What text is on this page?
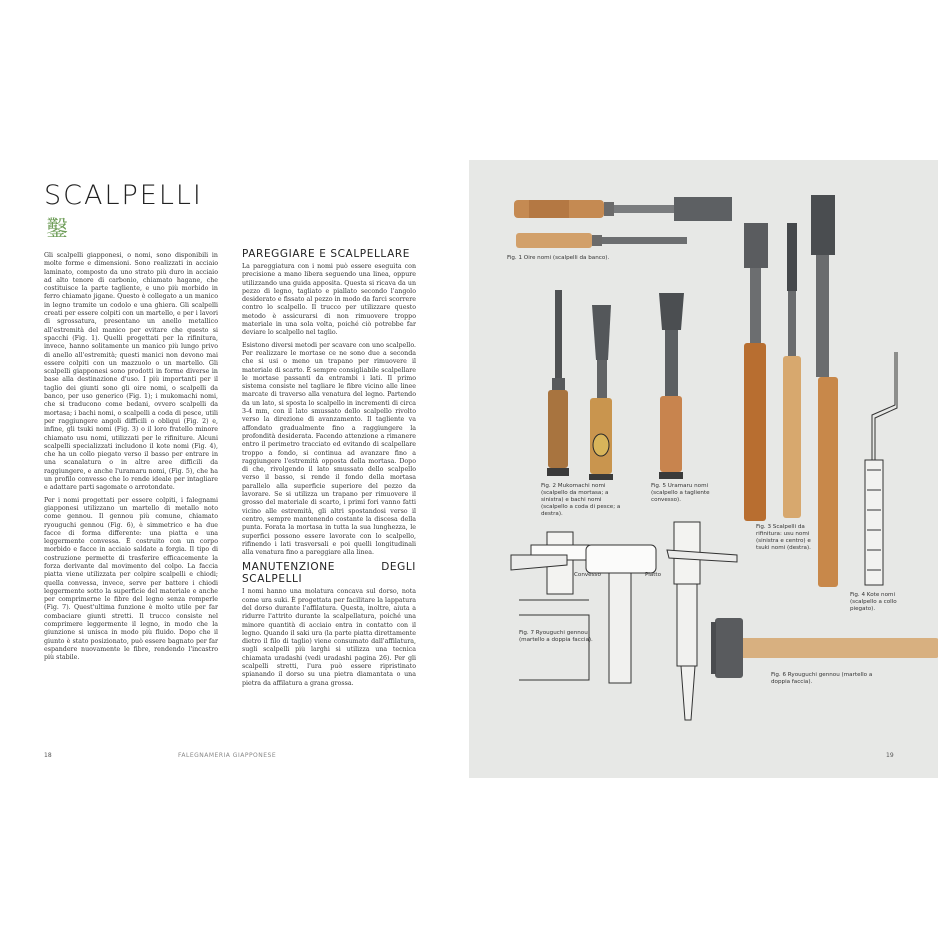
SCALPELLI
鑿

Gli scalpelli giapponesi, o nomi, sono disponibili in molte forme e dimensioni. Sono realizzati in acciaio laminato, composto da uno strato più duro in acciaio ad alto tenore di carbonio, chiamato hagane, che costituisce la parte tagliente, e uno più morbido in ferro chiamato jigane. Questo è collegato a un manico in legno tramite un codolo e una ghiera. Gli scalpelli creati per essere colpiti con un martello, e per i lavori di sgrossatura, presentano un anello metallico all'estremità del manico per evitare che questo si spacchi (Fig. 1). Quelli progettati per la rifinitura, invece, hanno solitamente un manico più lungo privo di anello all'estremità; questi manici non devono mai essere colpiti con un mazzuolo o un martello. Gli scalpelli giapponesi sono prodotti in forme diverse in base alla destinazione d'uso. I più importanti per il taglio dei giunti sono gli oire nomi, o scalpelli da banco, per uso generico (Fig. 1); i mukomachi nomi, che si traducono come bedani, ovvero scalpelli da mortasa; i bachi nomi, o scalpelli a coda di pesce, utili per raggiungere angoli difficili o obliqui (Fig. 2) e, infine, gli tsuki nomi (Fig. 3) o il loro fratello minore chiamato usu nomi, utilizzati per le rifiniture. Alcuni scalpelli specializzati includono il kote nomi (Fig. 4), che ha un collo piegato verso il basso per entrare in una scanalatura o in altre aree difficili da raggiungere, e anche l'uramaru nomi, (Fig. 5), che ha un profilo convesso che lo rende ideale per intagliare e adattare parti sagomate o arrotondate.

Per i nomi progettati per essere colpiti, i falegnami giapponesi utilizzano un martello di metallo noto come gennou. Il gennou più comune, chiamato ryouguchi gennou (Fig. 6), è simmetrico e ha due facce di forma differente: una piatta e una leggermente convessa. È costruito con un corpo morbido e facce in acciaio saldate a forgia. Il tipo di costruzione permette di trasferire efficacemente la forza derivante dal movimento del colpo. La faccia piatta viene utilizzata per colpire scalpelli e chiodi; quella convessa, invece, serve per battere i chiodi leggermente sotto la superficie del materiale e anche per comprimerne le fibre del legno senza romperle (Fig. 7). Quest'ultima funzione è molto utile per far combaciare giunti stretti. Il trucco consiste nel comprimere leggermente il legno, in modo che la giunzione si unisca in modo più fluido. Dopo che il giunto è stato posizionato, può essere bagnato per far espandere nuovamente le fibre, rendendo l'incastro più stabile.

PAREGGIARE E SCALPELLARE

La pareggiatura con i nomi può essere eseguita con precisione a mano libera seguendo una linea, oppure utilizzando una guida apposita. Questa si ricava da un pezzo di legno, tagliato e piallato secondo l'angolo desiderato e fissato al pezzo in modo da farci scorrere contro lo scalpello. Il trucco per utilizzare questo metodo è assicurarsi di non rimuovere troppo materiale in una sola volta, poiché ciò potrebbe far deviare lo scalpello nel taglio.

Esistono diversi metodi per scavare con uno scalpello. Per realizzare le mortase ce ne sono due a seconda che si usi o meno un trapano per rimuovere il materiale di scarto. È sempre consigliabile scalpellare le mortase passanti da entrambi i lati. Il primo sistema consiste nel tagliare le fibre vicino alle linee marcate di traverso alla venatura del legno. Partendo da un lato, si sposta lo scalpello in incrementi di circa 3-4 mm, con il lato smussato dello scalpello rivolto verso la direzione di avanzamento. Il tagliente va affondato gradualmente fino a raggiungere la profondità desiderata. Facendo attenzione a rimanere entro il perimetro tracciato ed evitando di scalpellare troppo a fondo, si continua ad avanzare fino a raggiungere l'estremità opposta della mortasa. Dopo di che, rivolgendo il lato smussato dello scalpello verso il basso, si rende il fondo della mortasa parallelo alla superficie superiore del pezzo da lavorare. Se si utilizza un trapano per rimuovere il grosso del materiale di scarto, i primi fori vanno fatti vicino alle estremità, gli altri spostandosi verso il centro, sempre mantenendo costante la discesa della punta. Forata la mortasa in tutta la sua lunghezza, le superfici possono essere lavorate con lo scalpello, rifinendo i lati trasversali e poi quelli longitudinali alla venatura fino a pareggiare alla linea.

MANUTENZIONE DEGLI SCALPELLI

I nomi hanno una molatura concava sul dorso, nota come ura suki. È progettata per facilitare la lappatura del dorso durante l'affilatura. Questa, inoltre, aiuta a ridurre l'attrito durante la scalpellatura, poiché una minore quantità di acciaio entra in contatto con il legno. Quando il saki ura (la parte piatta direttamente dietro il filo di taglio) viene consumato dall'affilatura, sugli scalpelli più larghi si utilizza una tecnica chiamata uradashi (vedi uradashi pagina 26). Per gli scalpelli stretti, l'ura può essere ripristinato spianando il dorso su una pietra diamantata o una pietra da affilatura a grana grossa.

18	FALEGNAMERIA GIAPPONESE
Fig. 1 Oire nomi (scalpelli da banco).
Fig. 2 Mukomachi nomi (scalpello da mortasa; a sinistra) e bachi nomi (scalpello a coda di pesce; a destra).
Fig. 5 Uramaru nomi (scalpello a tagliente convesso).
Fig. 3 Scalpelli da rifinitura: usu nomi (sinistra e centro) e tsuki nomi (destra).
Fig. 4 Kote nomi (scalpello a collo piegato).
Fig. 7 Ryouguchi gennou (martello a doppia faccia).
Fig. 6 Ryouguchi gennou (martello a doppia faccia).
Convesso	Piatto
19
